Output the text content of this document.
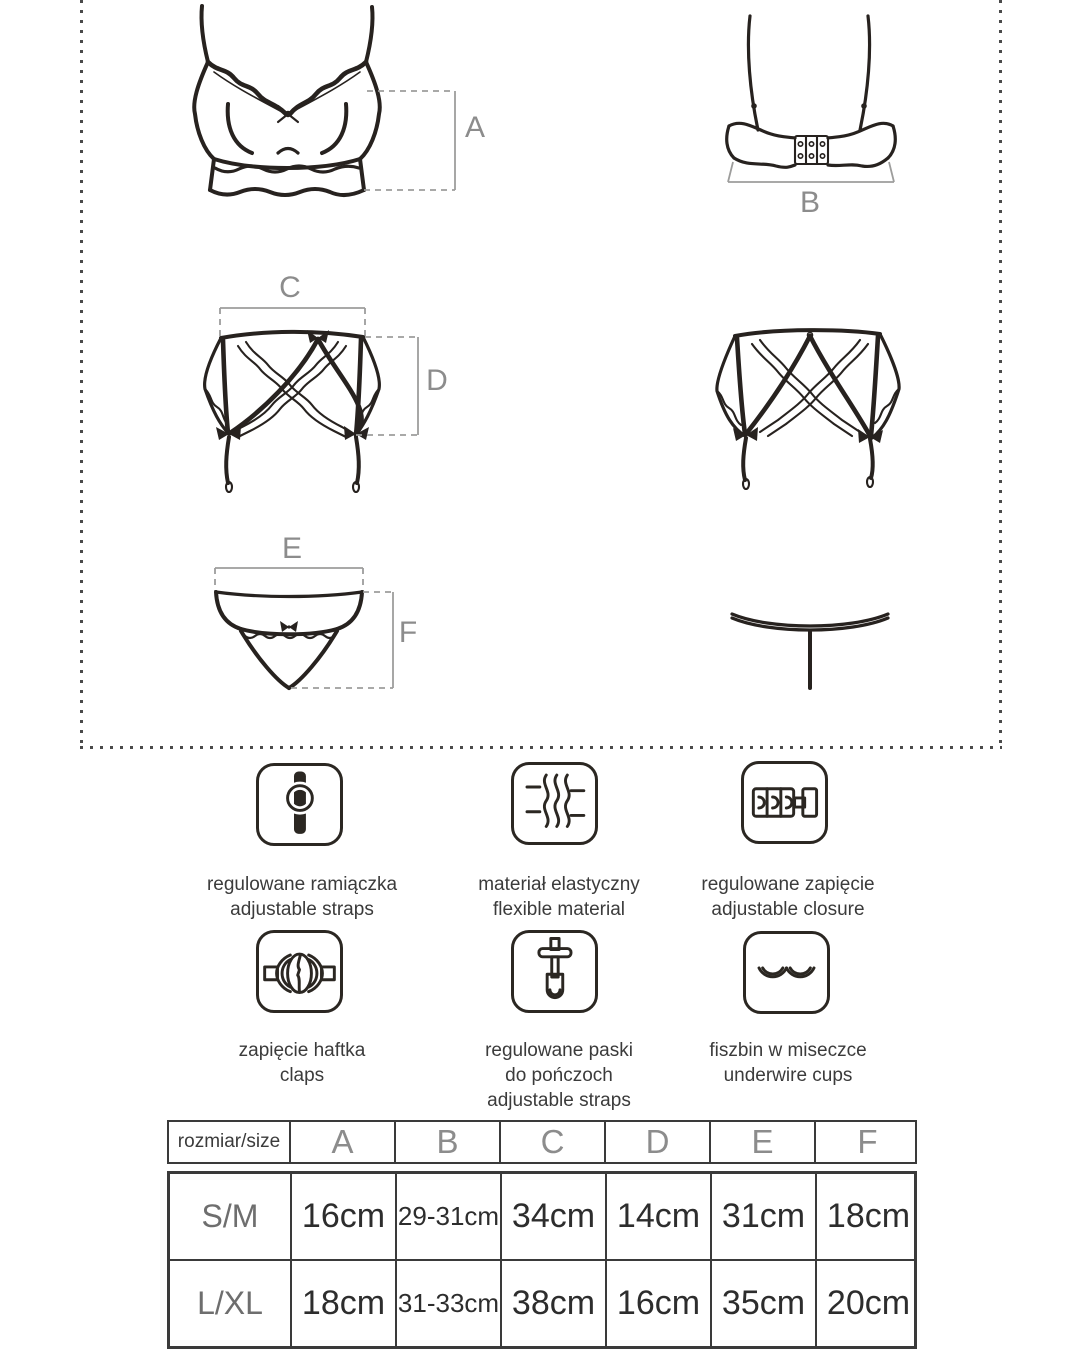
A
B
C
D
E
F
regulowane ramiączka
adjustable straps
materiał elastyczny
flexible material
regulowane zapięcie
adjustable closure
zapięcie haftka
claps
regulowane paski
do pończoch
adjustable straps
fiszbin w miseczce
underwire cups
rozmiar/size	A	B	C	D	E	F
S/M	16cm 29-31cm 34cm 14cm 31cm 18cm
L/XL	18cm 31-33cm 38cm 16cm 35cm 20cm
